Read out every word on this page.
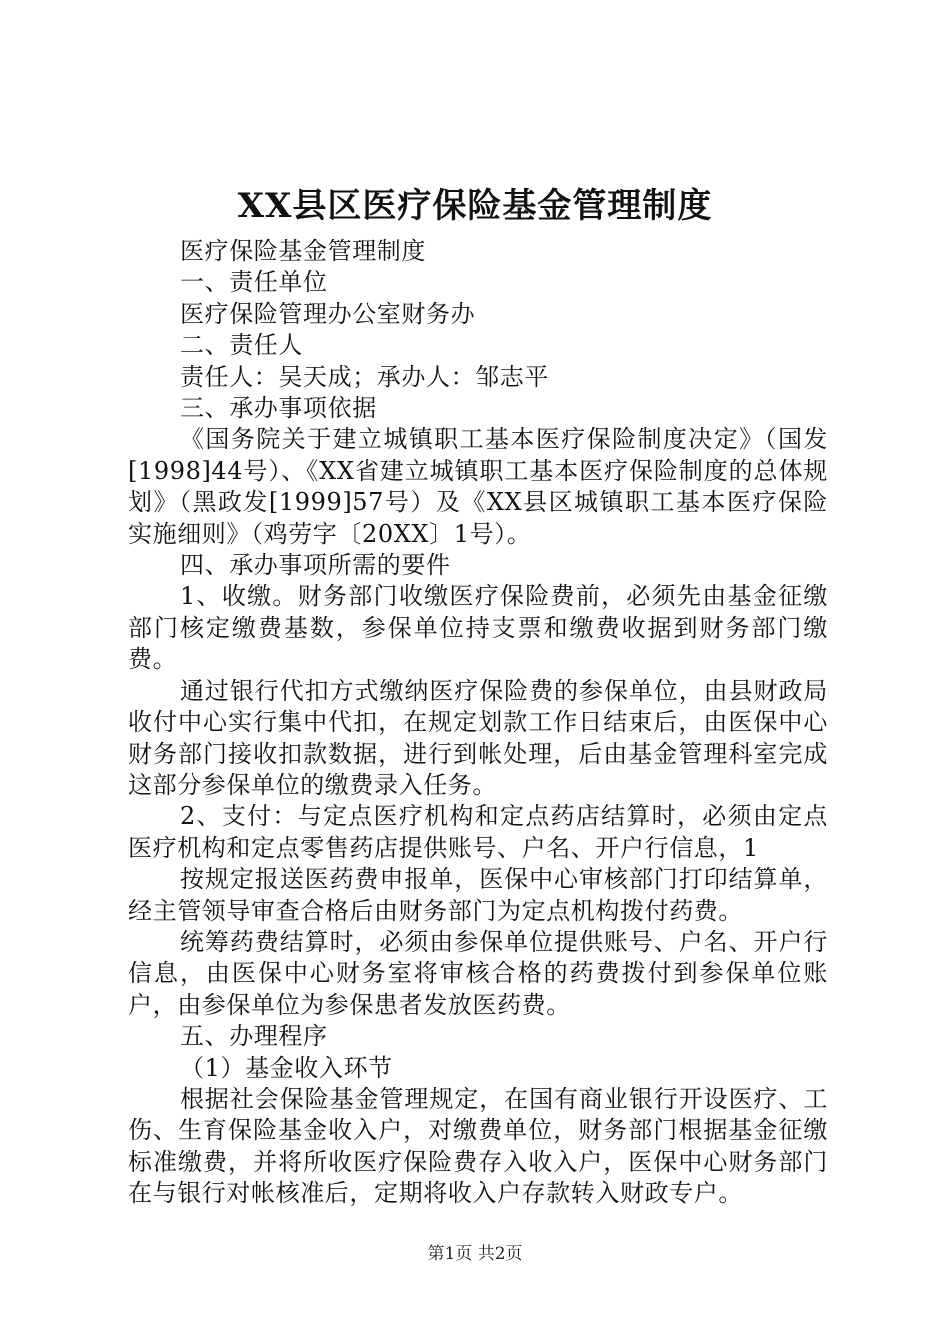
XX县区医疗保险基金管理制度

医疗保险基金管理制度

一、责任单位

医疗保险管理办公室财务办

二、责任人

责任人：吴天成；承办人：邹志平

三、承办事项依据

《国务院关于建立城镇职工基本医疗保险制度决定》（国发[1998]44号）、《XX省建立城镇职工基本医疗保险制度的总体规划》（黑政发[1999]57号）及《XX县区城镇职工基本医疗保险实施细则》（鸡劳字〔20XX〕1号）。

四、承办事项所需的要件

1、收缴。财务部门收缴医疗保险费前，必须先由基金征缴部门核定缴费基数，参保单位持支票和缴费收据到财务部门缴费。

通过银行代扣方式缴纳医疗保险费的参保单位，由县财政局收付中心实行集中代扣，在规定划款工作日结束后，由医保中心财务部门接收扣款数据，进行到帐处理，后由基金管理科室完成这部分参保单位的缴费录入任务。

2、支付：与定点医疗机构和定点药店结算时，必须由定点医疗机构和定点零售药店提供账号、户名、开户行信息，1

按规定报送医药费申报单，医保中心审核部门打印结算单，经主管领导审查合格后由财务部门为定点机构拨付药费。

统筹药费结算时，必须由参保单位提供账号、户名、开户行信息，由医保中心财务室将审核合格的药费拨付到参保单位账户，由参保单位为参保患者发放医药费。

五、办理程序

（1）基金收入环节

根据社会保险基金管理规定，在国有商业银行开设医疗、工伤、生育保险基金收入户，对缴费单位，财务部门根据基金征缴标准缴费，并将所收医疗保险费存入收入户，医保中心财务部门在与银行对帐核准后，定期将收入户存款转入财政专户。

第1页 共2页
